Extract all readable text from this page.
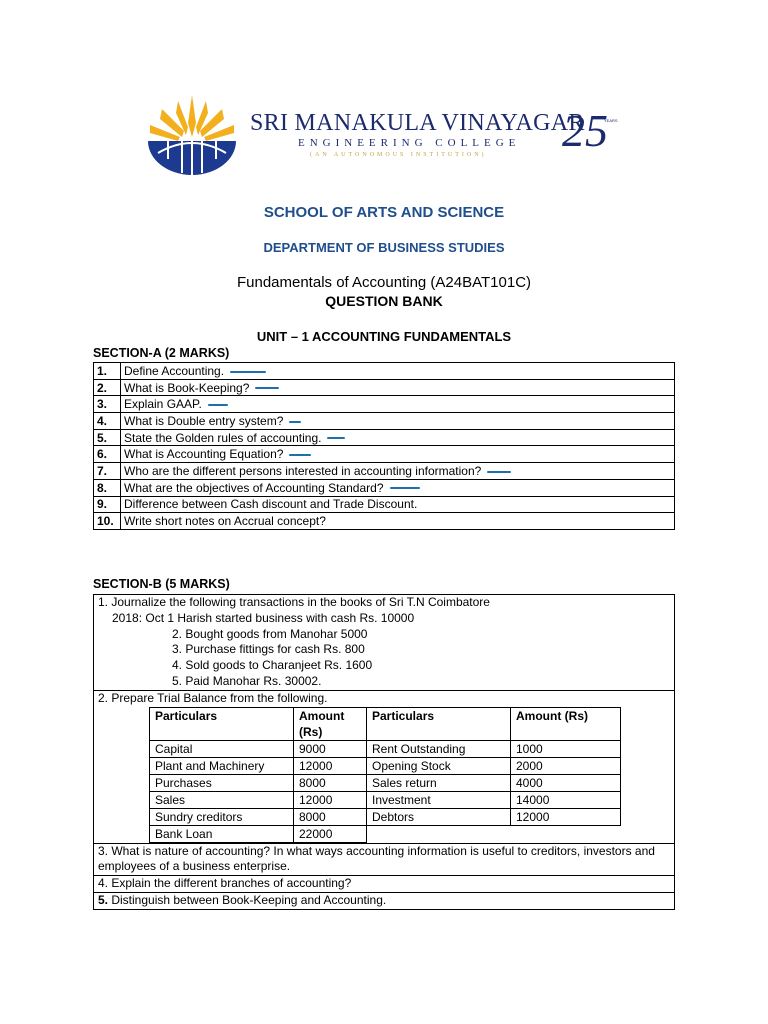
SRI MANAKULA VINAYAGAR
ENGINEERING COLLEGE
(AN AUTONOMOUS INSTITUTION) 25
YEARS
SCHOOL OF ARTS AND SCIENCE
DEPARTMENT OF BUSINESS STUDIES
Fundamentals of Accounting (A24BAT101C)
QUESTION BANK
UNIT – 1 ACCOUNTING FUNDAMENTALS
SECTION-A (2 MARKS)
1.	Define Accounting.
2.	What is Book-Keeping?
3.	Explain GAAP.
4.	What is Double entry system?
5.	State the Golden rules of accounting.
6.	What is Accounting Equation?
7.	Who are the different persons interested in accounting information?
8.	What are the objectives of Accounting Standard?
9.	Difference between Cash discount and Trade Discount.
10.	Write short notes on Accrual concept?
SECTION-B (5 MARKS)
1. Journalize the following transactions in the books of Sri T.N Coimbatore
2018: Oct 1 Harish started business with cash Rs. 10000
2. Bought goods from Manohar 5000
3. Purchase fittings for cash Rs. 800
4. Sold goods to Charanjeet Rs. 1600
5. Paid Manohar Rs. 30002.

2. Prepare Trial Balance from the following.
Particulars	Amount (Rs)	Particulars	Amount (Rs)
Capital	9000	Rent Outstanding	1000
Plant and Machinery	12000	Opening Stock	2000
Purchases	8000	Sales return	4000
Sales	12000	Investment	14000
Sundry creditors	8000	Debtors	12000
Bank Loan	22000	

3. What is nature of accounting? In what ways accounting information is useful to creditors, investors and employees of a business enterprise.
4. Explain the different branches of accounting?
5. Distinguish between Book-Keeping and Accounting.
